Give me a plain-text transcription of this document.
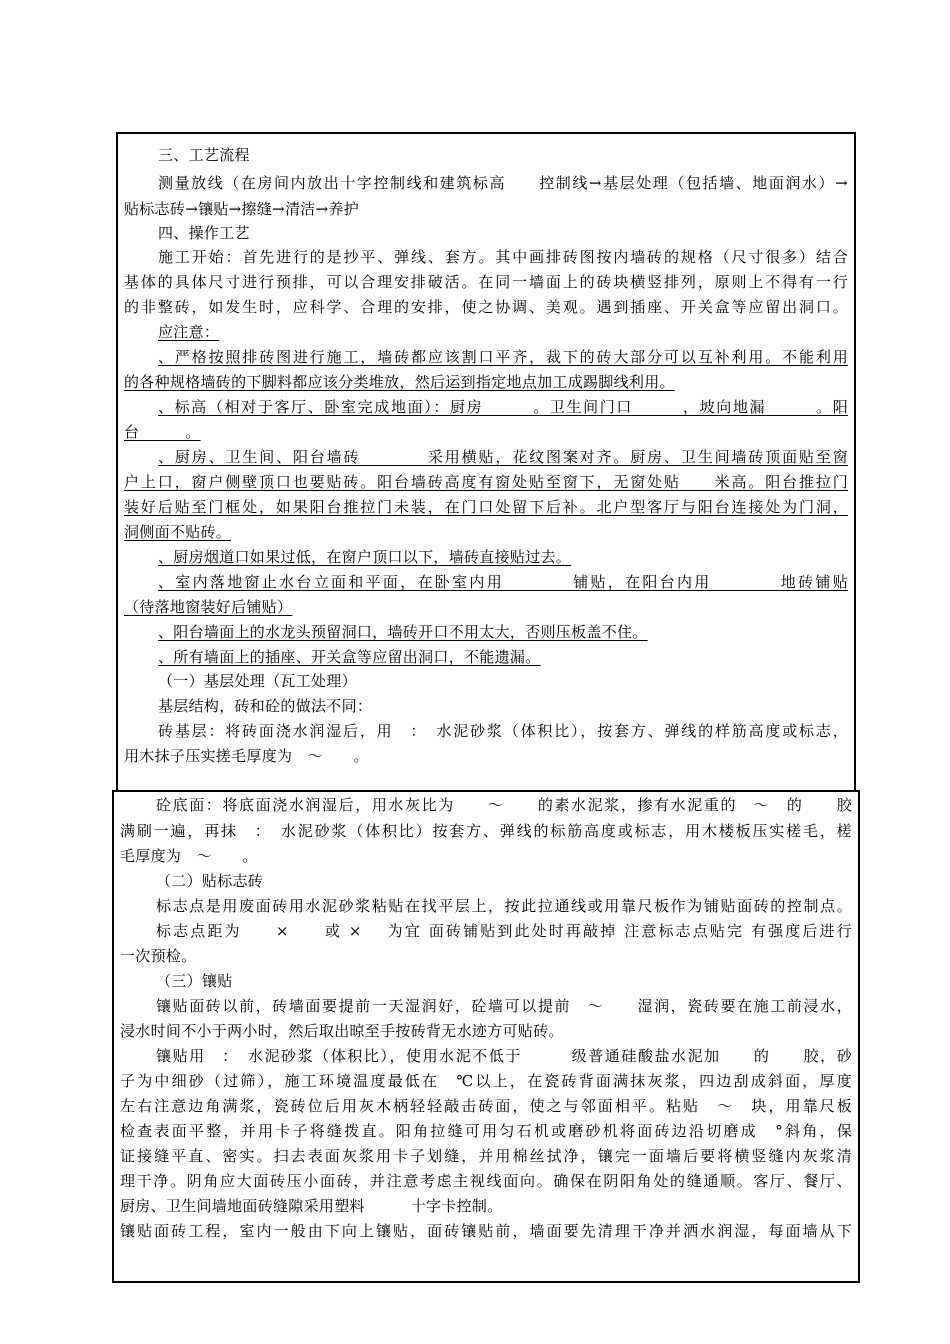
三、工艺流程
测量放线（在房间内放出十字控制线和建筑标高　　控制线→基层处理（包括墙、地面润水）→
贴标志砖→镶贴→擦缝→清洁→养护
四、操作工艺
施工开始：首先进行的是抄平、弹线、套方。其中画排砖图按内墙砖的规格（尺寸很多）结合
基体的具体尺寸进行预排，可以合理安排破活。在同一墙面上的砖块横竖排列，原则上不得有一行
的非整砖，如发生时，应科学、合理的安排，使之协调、美观。遇到插座、开关盒等应留出洞口。
应注意：
、严格按照排砖图进行施工，墙砖都应该割口平齐，裁下的砖大部分可以互补利用。不能利用
的各种规格墙砖的下脚料都应该分类堆放，然后运到指定地点加工成踢脚线利用。
、标高（相对于客厅、卧室完成地面）：厨房　　　。卫生间门口　　　，坡向地漏　　　。阳
台　　　。
、厨房、卫生间、阳台墙砖　　　　采用横贴，花纹图案对齐。厨房、卫生间墙砖顶面贴至窗
户上口，窗户侧壁顶口也要贴砖。阳台墙砖高度有窗处贴至窗下，无窗处贴　　米高。阳台推拉门
装好后贴至门框处，如果阳台推拉门未装，在门口处留下后补。北户型客厅与阳台连接处为门洞，
洞侧面不贴砖。
、厨房烟道口如果过低，在窗户顶口以下，墙砖直接贴过去。
、室内落地窗止水台立面和平面，在卧室内用　　　　铺贴，在阳台内用　　　　地砖铺贴
（待落地窗装好后铺贴）
、阳台墙面上的水龙头预留洞口，墙砖开口不用太大，否则压板盖不住。
、所有墙面上的插座、开关盒等应留出洞口，不能遗漏。
（一）基层处理（瓦工处理）
基层结构，砖和砼的做法不同：
砖基层：将砖面浇水润湿后，用　：　水泥砂浆（体积比），按套方、弹线的样筋高度或标志，
用木抹子压实搓毛厚度为　～　　。
砼底面：将底面浇水润湿后，用水灰比为　　～　　的素水泥浆，掺有水泥重的　～　的　　胶
满刷一遍，再抹　：　水泥砂浆（体积比）按套方、弹线的标筋高度或标志，用木楼板压实槎毛，槎
毛厚度为　～　　。
（二）贴标志砖
标志点是用废面砖用水泥砂浆粘贴在找平层上，按此拉通线或用靠尺板作为铺贴面砖的控制点。
标志点距为　　×　　或 ×　 为宜 面砖铺贴到此处时再敲掉 注意标志点贴完 有强度后进行
一次预检。
（三）镶贴
镶贴面砖以前，砖墙面要提前一天湿润好，砼墙可以提前　～　　湿润，瓷砖要在施工前浸水，
浸水时间不小于两小时，然后取出晾至手按砖背无水迹方可贴砖。
镶贴用　：　水泥砂浆（体积比），使用水泥不低于　　　级普通硅酸盐水泥加　　的　　胶，砂
子为中细砂（过筛），施工环境温度最低在　℃以上，在瓷砖背面满抹灰浆，四边刮成斜面，厚度
左右注意边角满浆，瓷砖位后用灰木柄轻轻敲击砖面，使之与邻面相平。粘贴　～　块，用靠尺板
检查表面平整，并用卡子将缝拨直。阳角拉缝可用匀石机或磨砂机将面砖边沿切磨成　°斜角，保
证接缝平直、密实。扫去表面灰浆用卡子划缝，并用棉丝拭净，镶完一面墙后要将横竖缝内灰浆清
理干净。阴角应大面砖压小面砖，并注意考虑主视线面向。确保在阴阳角处的缝通顺。客厅、餐厅、
厨房、卫生间墙地面砖缝隙采用塑料　　　十字卡控制。
镶贴面砖工程，室内一般由下向上镶贴，面砖镶贴前，墙面要先清理干净并洒水润湿，每面墙从下
